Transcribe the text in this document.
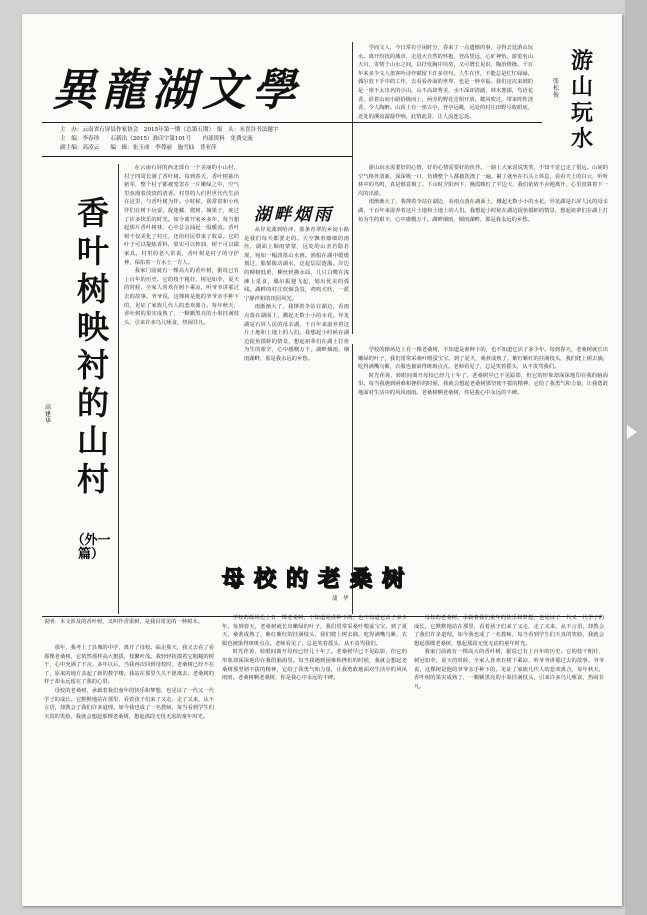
異龍湖文學
主　办：云南省石屏县作家协会　2015年第一期（总第五期）　报　头：末喜谷书法题字
主　编：李春珍　　石新出（2015）准印字第101号　　内部资料　免费交流
副主编：高凌云　　编　辑：张玉成　李尊丽　施雪仙　普亚萍

学而文人，今日常有空闲时分，春来了一点遗憾的事，寻得去处游山玩水。离开纷扰的城市，走进大自然的怀抱，登高望远，心旷神怡。游览名山大川，寄情于山水之间，以抒发胸中块垒，又可增长见识，陶冶情操。千百年来多少文人墨客吟诗作赋留下许多佳句。人生在世，不能总是忙忙碌碌，偶尔放下手中的工作，去看看外面的世界，也是一种幸福。我们这次来到的是一座不太出名的小山，山不高却秀美，水不深却清澈，林木葱郁，鸟语花香，沿着山间小路拾级而上，两旁的野花竞相开放，微风吹过，带来阵阵清香，令人陶醉。山顶上有一座古亭，登亭远眺，远处的村庄田野尽收眼底，近处的溪流潺潺作响，此情此景，让人流连忘返。

游山玩水需要好的心情，好的心情需要好的伙伴。一路上大家说说笑笑，不知不觉已走了很远。山间的空气格外清新，深深吸一口，仿佛整个人都被洗涤了一遍。累了就坐在石头上休息，看看天上的白云，听听林中的鸟鸣，真是惬意极了。下山时夕阳西下，晚霞映红了半边天，我们依依不舍地离开，心里盘算着下一次的出游。

雨渐渐大了，我撑着伞站在湖边，看雨点落在湖面上，溅起无数小小的水花。异龙湖是石屏人民的母亲湖，千百年来滋养着这片土地和土地上的人们。我想起小时候在湖边捉鱼摸虾的情景，想起祖辈们在湖上打鱼为生的艰辛，心中感慨万千。湖畔烟雨，烟雨湖畔，那是我永远的乡愁。

游山玩水
张松俊
香叶树映衬的山村
（外一篇）
高建华

在云南石屏的西北部有一个美丽的小山村，村子四周长满了香叶树。每到春天，香叶树抽出新芽，整个村子都被笼罩在一片嫩绿之中，空气里弥漫着淡淡的清香。村里的人们世世代代生活在这里，与香叶树为伴。小时候，我常常和小伙伴们在树下玩耍，捉迷藏、爬树、摘果子，度过了许多快乐的时光。如今离开家乡多年，每当想起那片香叶树林，心中总会涌起一股暖流。香叶树不仅美化了村庄，还给村民带来了收益，它的叶子可以提炼香料，果实可以榨油，树干可以做家具。村里的老人常说，香叶树是村子的守护神，保佑着一方水土一方人。

我家门前就有一棵高大的香叶树，据说已有上百年的历史。它的枝干粗壮，树冠如伞，夏天的时候，全家人喜欢在树下乘凉，听爷爷讲那过去的故事。爷爷说，这棵树是他的爷爷亲手种下的，见证了家族几代人的悲欢离合。每年秋天，香叶树的果实成熟了，一颗颗黑亮的小果挂满枝头，引来许多鸟儿啄食，热闹非凡。

湖畔烟雨

从异龙湖到哈冲，那条青翠的乡间小路是我们每天都要走的。天空飘着细细的雨丝，湖面上烟雨蒙蒙，远处的山峦若隐若现，宛如一幅淡墨山水画。渔船在湖中缓缓划过，船桨拨动湖水，泛起层层涟漪。岸边的柳树低垂，柳丝轻拂水面，几只白鹭在浅滩上觅食，偶尔振翅飞起，划出优美的弧线。湖畔的村庄炊烟袅袅，鸡鸣犬吠，一派宁静祥和的田园风光。

雨渐渐大了，我撑着伞站在湖边，看雨点落在湖面上，溅起无数小小的水花。异龙湖是石屏人民的母亲湖，千百年来滋养着这片土地和土地上的人们。我想起小时候在湖边捉鱼摸虾的情景，想起祖辈们在湖上打鱼为生的艰辛，心中感慨万千。湖畔烟雨，烟雨湖畔，那是我永远的乡愁。

学校的操场边上有一棵老桑树，不知道是谁种下的，也不知道它活了多少年。每到春天，老桑树就长出嫩绿的叶子，我们常常采桑叶喂蚕宝宝。到了夏天，桑葚成熟了，紫红紫红的挂满枝头，我们爬上树去摘，吃得满嘴乌紫，衣服也被染得斑斑点点。老师看见了，总是笑着摇头，从不责骂我们。

时光荏苒，转眼间离开母校已经几十年了。老桑树早已不见踪影，但它的形象却深深地印在我的脑海里。每当我遇到困难和挫折的时候，我就会想起老桑树那坚韧不拔的精神，它给了我勇气和力量，让我勇敢地面对生活中的风风雨雨。老桑树啊老桑树，你是我心中永远的丰碑。

说明：本文涉及的香叶树，又叫作香果树，是我县常见的一种树木。
母校的老桑树
蒲　华

那年，我考上了县城的中学，离开了母校。临走那天，我又去看了看那棵老桑树，它依然那样高大挺拔，枝繁叶茂。我轻轻抚摸着它粗糙的树干，心中充满了不舍。多年以后，当我再次回到母校时，老桑树已经不在了，原来的地方盖起了新的教学楼。我站在那里久久不愿离去，老桑树的样子却永远留在了我的心里。

母校的老桑树，承载着我们童年的快乐和梦想，也见证了一代又一代学子的成长。它默默地站在那里，看着孩子们来了又走，走了又来，从不言语，却教会了我们许多道理。如今我也成了一名教师，每当看到学生们天真的笑脸，我就会想起那棵老桑树，想起那段无忧无虑的童年时光。

学校的操场边上有一棵老桑树，不知道是谁种下的，也不知道它活了多少年。每到春天，老桑树就长出嫩绿的叶子，我们常常采桑叶喂蚕宝宝。到了夏天，桑葚成熟了，紫红紫红的挂满枝头，我们爬上树去摘，吃得满嘴乌紫，衣服也被染得斑斑点点。老师看见了，总是笑着摇头，从不责骂我们。

时光荏苒，转眼间离开母校已经几十年了。老桑树早已不见踪影，但它的形象却深深地印在我的脑海里。每当我遇到困难和挫折的时候，我就会想起老桑树那坚韧不拔的精神，它给了我勇气和力量，让我勇敢地面对生活中的风风雨雨。老桑树啊老桑树，你是我心中永远的丰碑。

母校的老桑树，承载着我们童年的快乐和梦想，也见证了一代又一代学子的成长。它默默地站在那里，看着孩子们来了又走，走了又来，从不言语，却教会了我们许多道理。如今我也成了一名教师，每当看到学生们天真的笑脸，我就会想起那棵老桑树，想起那段无忧无虑的童年时光。

我家门前就有一棵高大的香叶树，据说已有上百年的历史。它的枝干粗壮，树冠如伞，夏天的时候，全家人喜欢在树下乘凉，听爷爷讲那过去的故事。爷爷说，这棵树是他的爷爷亲手种下的，见证了家族几代人的悲欢离合。每年秋天，香叶树的果实成熟了，一颗颗黑亮的小果挂满枝头，引来许多鸟儿啄食，热闹非凡。
